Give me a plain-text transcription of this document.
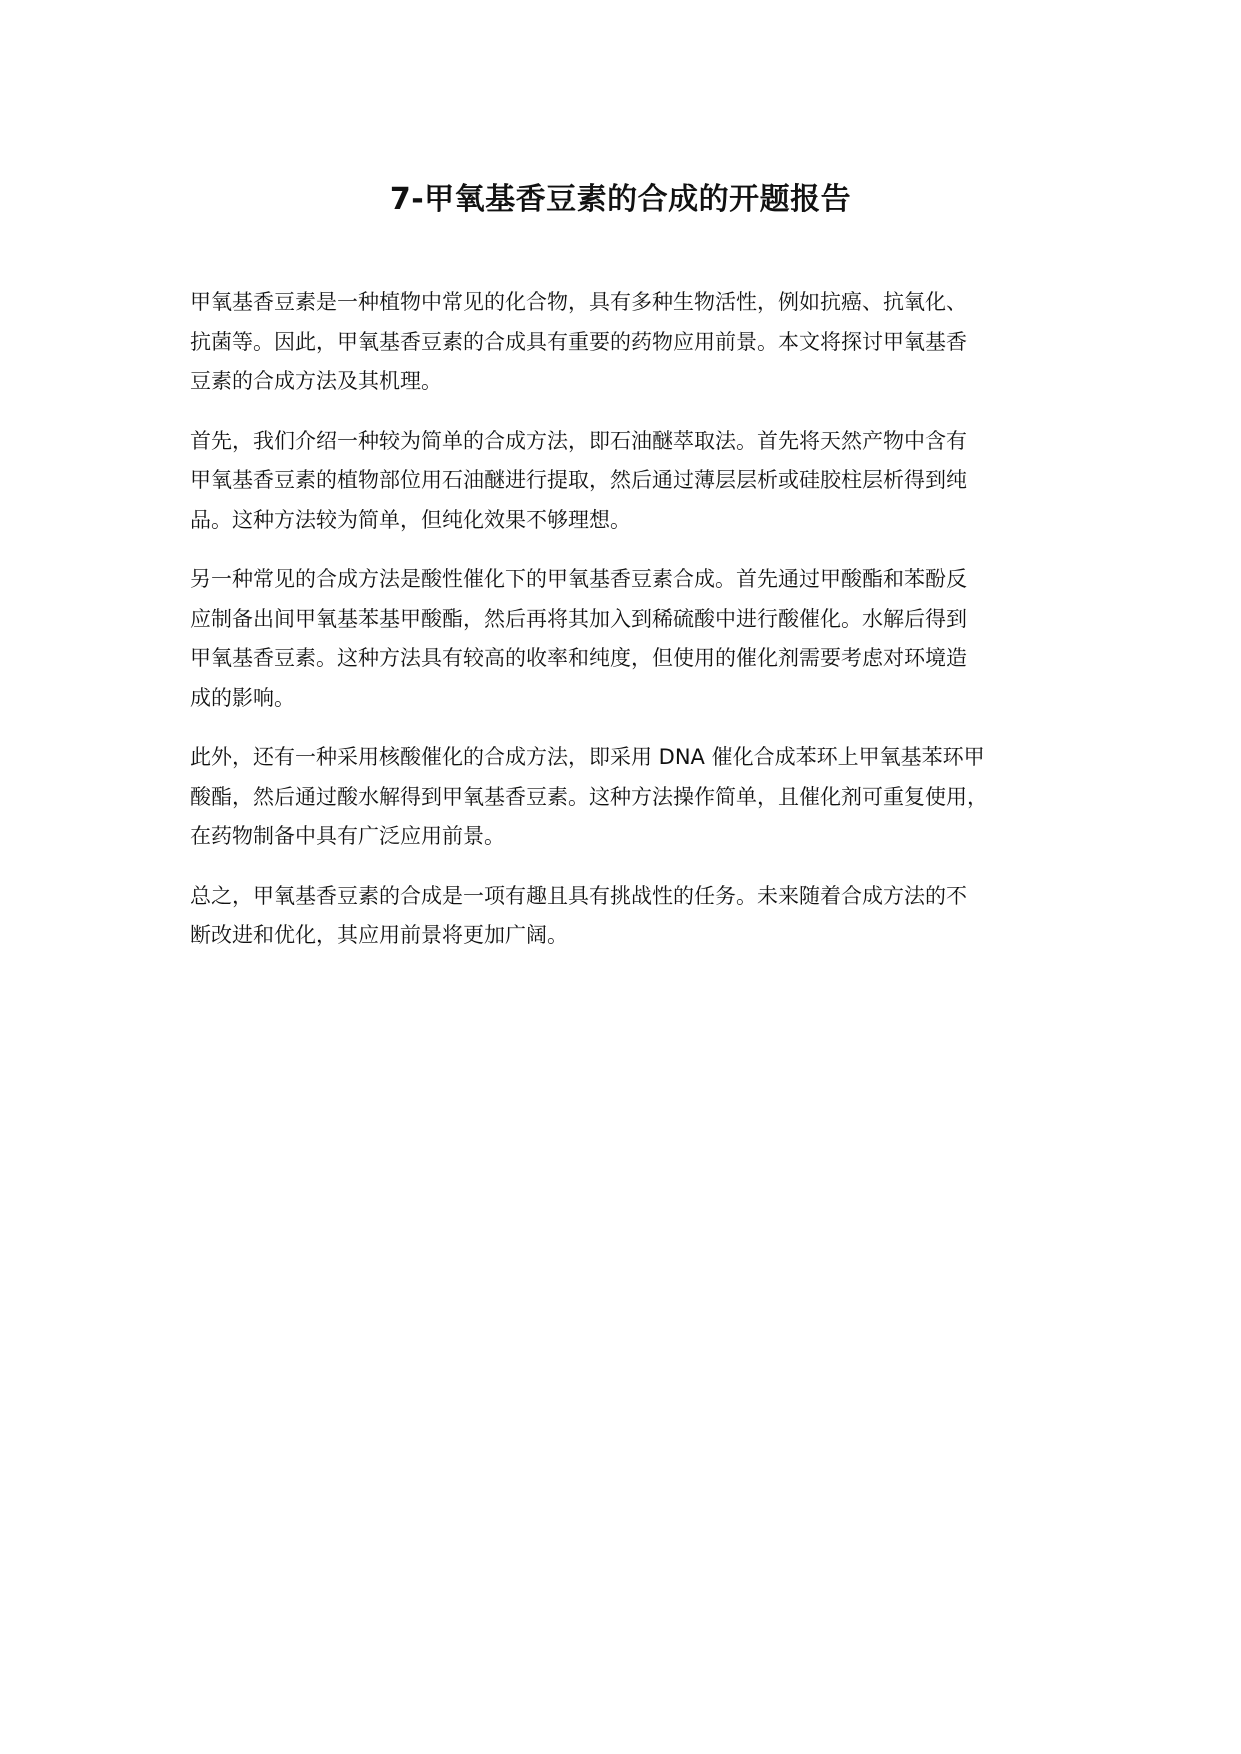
7-甲氧基香豆素的合成的开题报告

甲氧基香豆素是一种植物中常见的化合物，具有多种生物活性，例如抗癌、抗氧化、
抗菌等。因此，甲氧基香豆素的合成具有重要的药物应用前景。本文将探讨甲氧基香
豆素的合成方法及其机理。

首先，我们介绍一种较为简单的合成方法，即石油醚萃取法。首先将天然产物中含有
甲氧基香豆素的植物部位用石油醚进行提取，然后通过薄层层析或硅胶柱层析得到纯
品。这种方法较为简单，但纯化效果不够理想。

另一种常见的合成方法是酸性催化下的甲氧基香豆素合成。首先通过甲酸酯和苯酚反
应制备出间甲氧基苯基甲酸酯，然后再将其加入到稀硫酸中进行酸催化。水解后得到
甲氧基香豆素。这种方法具有较高的收率和纯度，但使用的催化剂需要考虑对环境造
成的影响。

此外，还有一种采用核酸催化的合成方法，即采用 DNA 催化合成苯环上甲氧基苯环甲
酸酯，然后通过酸水解得到甲氧基香豆素。这种方法操作简单，且催化剂可重复使用，
在药物制备中具有广泛应用前景。

总之，甲氧基香豆素的合成是一项有趣且具有挑战性的任务。未来随着合成方法的不
断改进和优化，其应用前景将更加广阔。
